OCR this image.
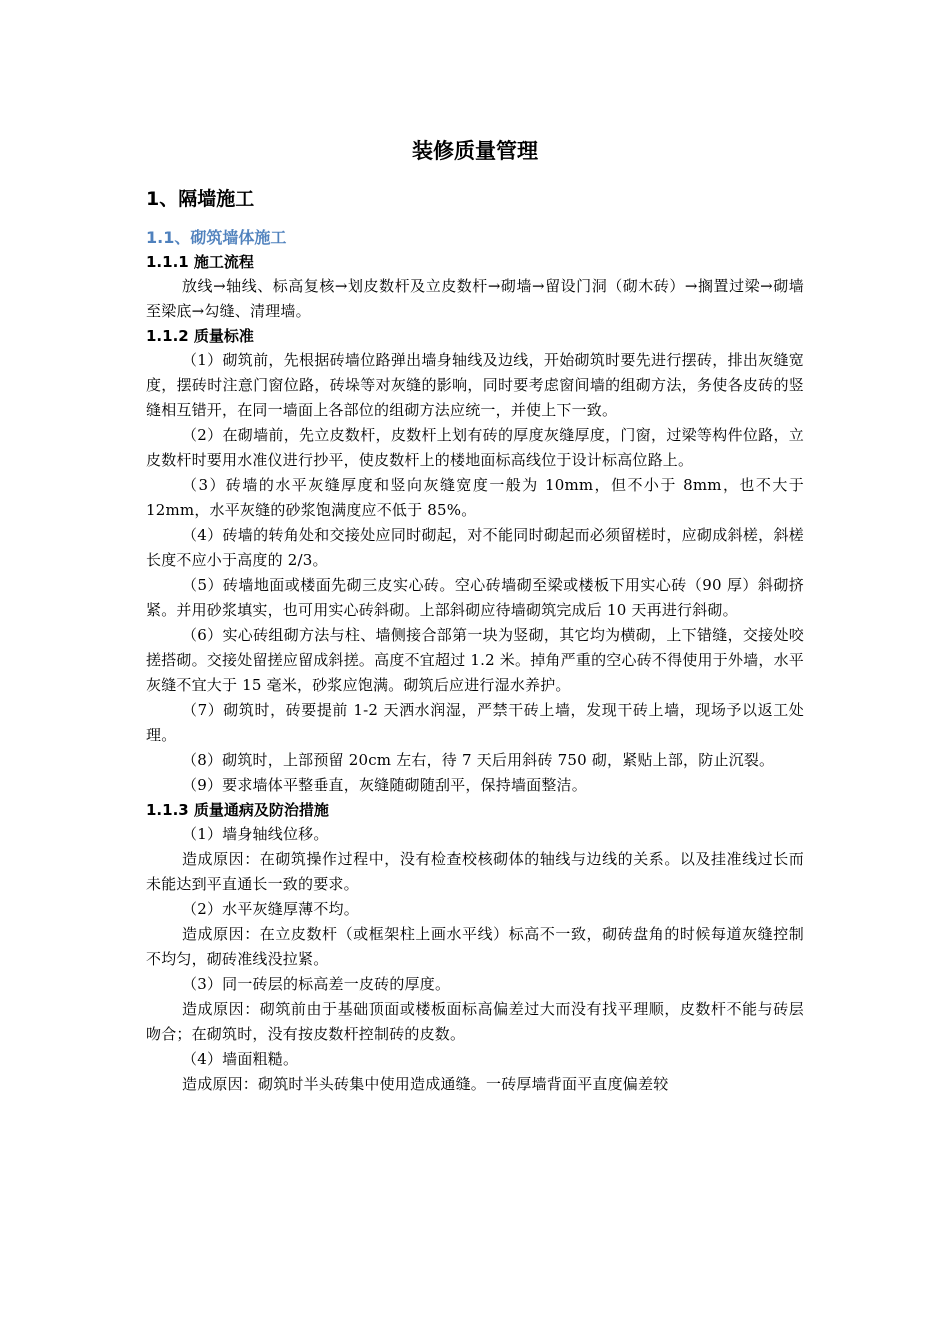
装修质量管理
1、隔墙施工
1.1、砌筑墙体施工
1.1.1 施工流程

放线→轴线、标高复核→划皮数杆及立皮数杆→砌墙→留设门洞（砌木砖）→搁置过梁→砌墙至梁底→勾缝、清理墙。

1.1.2 质量标准

（1）砌筑前，先根据砖墙位路弹出墙身轴线及边线，开始砌筑时要先进行摆砖，排出灰缝宽度，摆砖时注意门窗位路，砖垛等对灰缝的影响，同时要考虑窗间墙的组砌方法，务使各皮砖的竖缝相互错开，在同一墙面上各部位的组砌方法应统一，并使上下一致。

（2）在砌墙前，先立皮数杆，皮数杆上划有砖的厚度灰缝厚度，门窗，过梁等构件位路，立皮数杆时要用水准仪进行抄平，使皮数杆上的楼地面标高线位于设计标高位路上。

（3）砖墙的水平灰缝厚度和竖向灰缝宽度一般为 10mm，但不小于 8mm，也不大于 12mm，水平灰缝的砂浆饱满度应不低于 85%。

（4）砖墙的转角处和交接处应同时砌起，对不能同时砌起而必须留槎时，应砌成斜槎，斜槎长度不应小于高度的 2/3。

（5）砖墙地面或楼面先砌三皮实心砖。空心砖墙砌至梁或楼板下用实心砖（90 厚）斜砌挤紧。并用砂浆填实，也可用实心砖斜砌。上部斜砌应待墙砌筑完成后 10 天再进行斜砌。

（6）实心砖组砌方法与柱、墙侧接合部第一块为竖砌，其它均为横砌，上下错缝，交接处咬搓搭砌。交接处留搓应留成斜搓。高度不宜超过 1.2 米。掉角严重的空心砖不得使用于外墙，水平灰缝不宜大于 15 毫米，砂浆应饱满。砌筑后应进行湿水养护。

（7）砌筑时，砖要提前 1-2 天洒水润湿，严禁干砖上墙，发现干砖上墙，现场予以返工处理。

（8）砌筑时，上部预留 20cm 左右，待 7 天后用斜砖 750 砌，紧贴上部，防止沉裂。

（9）要求墙体平整垂直，灰缝随砌随刮平，保持墙面整洁。

1.1.3 质量通病及防治措施

（1）墙身轴线位移。

造成原因：在砌筑操作过程中，没有检查校核砌体的轴线与边线的关系。以及挂准线过长而未能达到平直通长一致的要求。

（2）水平灰缝厚薄不均。

造成原因：在立皮数杆（或框架柱上画水平线）标高不一致，砌砖盘角的时候每道灰缝控制不均匀，砌砖准线没拉紧。

（3）同一砖层的标高差一皮砖的厚度。

造成原因：砌筑前由于基础顶面或楼板面标高偏差过大而没有找平理顺，皮数杆不能与砖层吻合；在砌筑时，没有按皮数杆控制砖的皮数。

（4）墙面粗糙。

造成原因：砌筑时半头砖集中使用造成通缝。一砖厚墙背面平直度偏差较
